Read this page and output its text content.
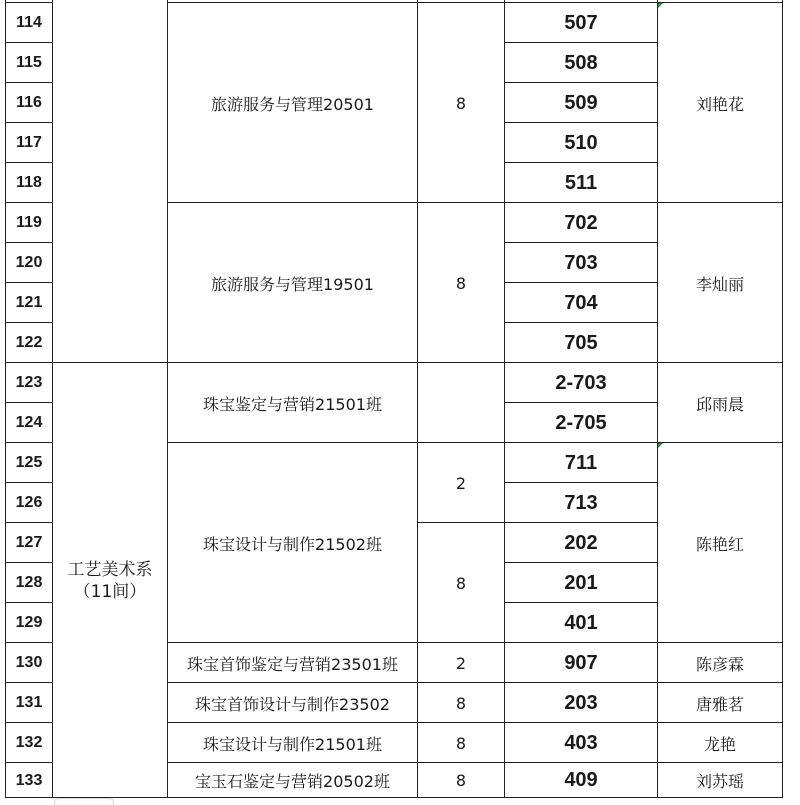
114
115
116
117
118
119
120
121
122
123
124
125
126
127
128
129
130
131
132
133
507
508
509
510
511
702
703
704
705
2-703
2-705
711
713
202
201
401
907
203
403
409
工艺美术系
（11间）
旅游服务与管理20501
旅游服务与管理19501
珠宝鉴定与营销21501班
珠宝设计与制作21502班
珠宝首饰鉴定与营销23501班
珠宝首饰设计与制作23502
珠宝设计与制作21501班
宝玉石鉴定与营销20502班
8
8
2
8
2
8
8
8
刘艳花
李灿丽
邱雨晨
陈艳红
陈彦霖
唐雅茗
龙艳
刘苏瑶
